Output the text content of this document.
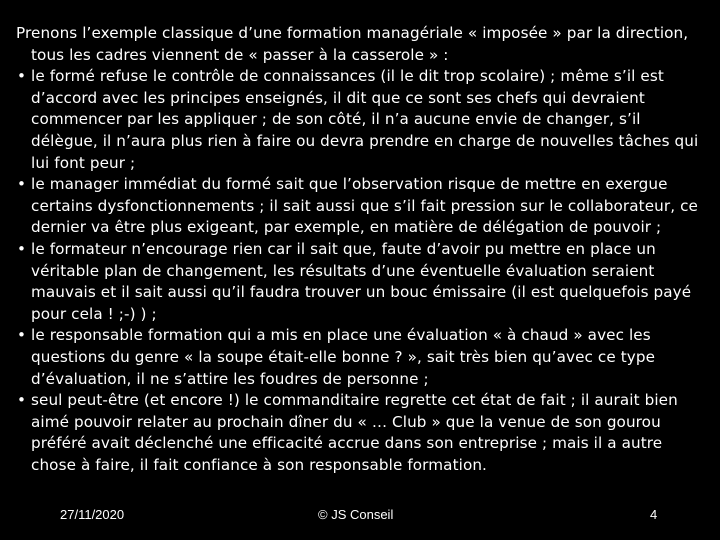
Prenons l’exemple classique d’une formation managériale « imposée » par la direction, tous les cadres viennent de « passer à la casserole » :

• le formé refuse le contrôle de connaissances (il le dit trop scolaire) ; même s’il est d’accord avec les principes enseignés, il dit que ce sont ses chefs qui devraient commencer par les appliquer ; de son côté, il n’a aucune envie de changer, s’il délègue, il n’aura plus rien à faire ou devra prendre en charge de nouvelles tâches qui lui font peur ;
• le manager immédiat du formé sait que l’observation risque de mettre en exergue certains dysfonctionnements ; il sait aussi que s’il fait pression sur le collaborateur, ce dernier va être plus exigeant, par exemple, en matière de délégation de pouvoir ;
• le formateur n’encourage rien car il sait que, faute d’avoir pu mettre en place un véritable plan de changement, les résultats d’une éventuelle évaluation seraient mauvais et il sait aussi qu’il faudra trouver un bouc émissaire (il est quelquefois payé pour cela ! ;-) ) ;
• le responsable formation qui a mis en place une évaluation « à chaud » avec les questions du genre « la soupe était-elle bonne ? », sait très bien qu’avec ce type d’évaluation, il ne s’attire les foudres de personne ;
• seul peut-être (et encore !) le commanditaire regrette cet état de fait ; il aurait bien aimé pouvoir relater au prochain dîner du « … Club » que la venue de son gourou préféré avait déclenché une efficacité accrue dans son entreprise ; mais il a autre chose à faire, il fait confiance à son responsable formation.
27/11/2020	© JS Conseil	4
